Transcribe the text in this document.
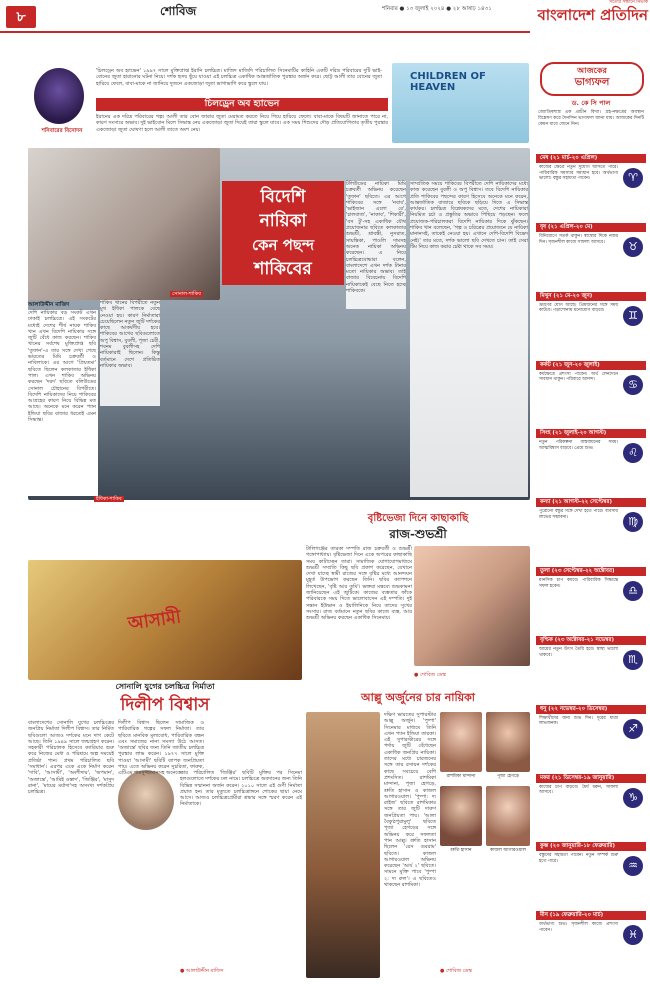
৮	শোবিজ	শনিবার ● ১৩ জুলাই ২০২৪ ● ২৮ আষাঢ় ১৪৩১
সত্যের সন্ধানে নির্ভীক
বাংলাদেশ প্রতিদিন
শনিবারের বিনোদন
'চিলড্রেন অব হ্যাভেন' ১৯৯৭ সালে মুক্তিপ্রাপ্ত ইরানি চলচ্চিত্র। মাজিদ মাজিদি পরিচালিত সিনেমাটির কাহিনি একটি দরিদ্র পরিবারের দুটি ভাই-বোনের জুতা হারানোর ঘটনা নিয়ে। দর্শক হৃদয় ছুঁয়ে যাওয়া এই চলচ্চিত্র একাধিক আন্তর্জাতিক পুরস্কার অর্জন করে। ছোট্ট আলী তার বোনের জুতা হারিয়ে ফেলে, বাবা-মাকে না জানিয়ে দুজনে একজোড়া জুতা ভাগাভাগি করে স্কুলে যায়।
চিলড্রেন অব হ্যাভেন
ইরানের এক দরিদ্র পরিবারের গল্প। আলী তার বোন জারার জুতা মেরামত করতে নিয়ে গিয়ে হারিয়ে ফেলে। বাবা-মাকে বিষয়টি জানাতে পারে না, কারণ সংসারে অভাব। দুই ভাইবোন মিলে সিদ্ধান্ত নেয় একজোড়া জুতা দিয়েই তারা স্কুলে যাবে। এক সময় শিশুদের দৌড় প্রতিযোগিতার তৃতীয় পুরস্কার একজোড়া জুতা ঘোষণা হলে আলী তাতে অংশ নেয়।
CHILDREN OF HEAVEN
সোনাল-শাকিব
ইধিকা-শাকিব
বিদেশি
নায়িকা
কেন পছন্দ
শাকিবের
আলাউদ্দীন মাজিদ
দেশি নায়িকার বড় সংকট এখন ঢাকাই চলচ্চিত্রে। এই সংকটের মধ্যেই দেশের শীর্ষ নায়ক শাকিব খান এখন বিদেশি নায়িকার সঙ্গে জুটি বেঁধে কাজ করছেন। শাকিব খানের সর্বশেষ মুক্তিপ্রাপ্ত ছবি 'তুফান'-এ তার সঙ্গে দেখা গেছে ভারতের মিমি চক্রবর্তী ও নাবিলাকে। এর আগে 'প্রিয়তমা' ছবিতে ছিলেন কলকাতার ইধিকা পাল। এখন শাকিব অভিনয় করছেন 'দরদ' ছবিতে বলিউডের সোনাল চৌহানের বিপরীতে। বিদেশি নায়িকাদের নিয়ে শাকিবের আগ্রহের কারণ নিয়ে বিভিন্ন মত আছে। অনেকে মনে করেন প্যান ইন্ডিয়া ছবির বাজার ধরতেই এমন সিদ্ধান্ত।
শাকিব খানের বিপরীতে নতুন মুখ ইধিকা পালকে বেছে নেওয়া হয়। কারণ নির্মাতারা চেয়েছিলেন নতুন জুটি দর্শকের কাছে আকর্ষণীয় হবে। শাকিবের আগের ছবিগুলোতে অপু বিশ্বাস, বুবলী, পূজা চেরী, শবনম বুবলীসহ দেশি নায়িকারাই ছিলেন। কিন্তু বর্তমানে দেশে প্রতিষ্ঠিত নায়িকার অভাব।
টলিউডের নায়িকা মিমি চক্রবর্তী অভিনয় করেছেন 'তুফান' ছবিতে। এর আগে শাকিবের সঙ্গে 'নবাব', 'ভাইজান এলো রে', 'চালবাজ', 'নাকাব', 'শিকারী', 'বস টু'-সহ একাধিক যৌথ প্রযোজনার ছবিতে কলকাতার শুভশ্রী, শ্রাবন্তী, নুসরাত, সায়ন্তিকা, পাওলি দামসহ অনেক নায়িকা অভিনয় করেছেন। এ নিয়ে চলচ্চিত্রবোদ্ধারা বলেন, বাংলাদেশে এখন দর্শক টানার মতো নায়িকার অভাব। তাই বাজার বিবেচনায় বিদেশি নায়িকাকেই বেছে নিতে হচ্ছে শাকিবকে।
সাম্প্রতিক সময়ে শাকিবের বিপরীতে দেশি নায়িকাদের মধ্যে কাজ করেছেন বুবলী ও অপু বিশ্বাস। তবে বিদেশি নায়িকার প্রতি শাকিবের পছন্দের কারণ হিসেবে অনেকে মনে করেন, আন্তর্জাতিক বাজারে ছবিকে ছড়িয়ে দিতে এ সিদ্ধান্ত কার্যকর। চলচ্চিত্র বিশ্লেষকদের মতে, দেশের নায়িকারা নিয়মিত চর্চা ও প্রস্তুতির অভাবে পিছিয়ে পড়ছেন। ফলে প্রযোজক-পরিচালকরা বিদেশি নায়িকার দিকে ঝুঁকছেন। শাকিব খান বলেছেন, 'গল্প ও চরিত্রের প্রয়োজনে যে নায়িকা মানানসই, তাকেই নেওয়া হয়। এখানে দেশি-বিদেশি বিভেদ নেই।' তার মতে, দর্শক ভালো ছবি দেখতে চান। তাই সেরা টিম নিয়ে কাজ করার চেষ্টা থাকে সব সময়।
বৃষ্টিভেজা দিনে কাছাকাছি
রাজ-শুভশ্রী
টালিগঞ্জের তারকা দম্পতি রাজ চক্রবর্তী ও শুভশ্রী গঙ্গোপাধ্যায়। বৃষ্টিভেজা দিনে একে অপরের কাছাকাছি সময় কাটাচ্ছেন তারা। সামাজিক যোগাযোগমাধ্যমে শুভশ্রী সম্প্রতি কিছু ছবি প্রকাশ করেছেন, যেখানে দেখা যাচ্ছে স্বামী রাজের সঙ্গে বৃষ্টির মধ্যে আনন্দঘন মুহূর্ত উপভোগ করছেন তিনি। ছবির ক্যাপশনে লিখেছেন, 'বৃষ্টি আর তুমি'। ভক্তরা মন্তব্যে শুভকামনা জানিয়েছেন এই জুটিকে। কাজের ব্যস্ততার ফাঁকে পরিবারকে সময় দিতে ভালোবাসেন এই দম্পতি। দুই সন্তান ইউভান ও ইয়ালিনিকে নিয়ে তাদের সুখের সংসার। রাজ বর্তমানে নতুন ছবির কাজে ব্যস্ত, আর শুভশ্রী অভিনয় করছেন একাধিক সিনেমায়।
● শোবিজ ডেস্ক
আসামী
সোনালি যুগের চলচ্চিত্র নির্মাতা
দিলীপ বিশ্বাস
বাংলাদেশের সোনালি যুগের চলচ্চিত্রের জনপ্রিয় নির্মাতা দিলীপ বিশ্বাস। তার নির্মিত ছবিগুলো আজও দর্শকের মনে দাগ কেটে আছে। তিনি ১৯৪৯ সালে জন্মগ্রহণ করেন। সহকারী পরিচালক হিসেবে ক্যারিয়ার শুরু করে নিজের মেধা ও পরিশ্রমে অল্প সময়েই প্রতিষ্ঠা পান। প্রথম পরিচালিত ছবি 'সমাধান'। এরপর একে একে নির্মাণ করেন 'দাবি', 'আসামী', 'অংশীদার', 'অপমান', 'অজান্তে', 'আমিই ওস্তাদ', 'জিঞ্জির', 'মাসুদ রানা', 'মায়ের মর্যাদা'সহ অসংখ্য দর্শকপ্রিয় চলচ্চিত্র।
দিলীপ বিশ্বাস ছিলেন সামাজিক ও পারিবারিক গল্পের সফল নির্মাতা। তার ছবিতে মানবিক মূল্যবোধ, পারিবারিক বন্ধন এবং সমাজের নানা সমস্যা উঠে আসত। 'অজান্তে' ছবির জন্য তিনি জাতীয় চলচ্চিত্র পুরস্কার লাভ করেন। ১৯৭৭ সালে মুক্তি পাওয়া 'আসামী' ছবিটি ব্যাপক জনপ্রিয়তা পায়। এতে অভিনয় করেন সুচরিতা, ফারুক, এটিএম শামসুজ্জামানসহ অনেকে।
তার পরিচালিত 'জিঞ্জির' ছবিটি মুক্তির পর সিনেমা হলগুলোতে দর্শকের ঢল নামে। চলচ্চিত্রে অবদানের জন্য তিনি বিভিন্ন সম্মাননা অর্জন করেন। ২০১০ সালে এই গুণী নির্মাতা প্রয়াত হন। তার মৃত্যুতে চলচ্চিত্রাঙ্গনে শোকের ছায়া নেমে আসে। আজও চলচ্চিত্রপ্রেমীরা শ্রদ্ধার সঙ্গে স্মরণ করেন এই নির্মাতাকে।
● আলাউদ্দীন মাজিদ
আল্লু অর্জুনের চার নায়িকা
দক্ষিণ ভারতের সুপারস্টার আল্লু অর্জুন। 'পুষ্পা' সিনেমার মাধ্যমে তিনি এখন প্যান ইন্ডিয়া তারকা। এই সুপারস্টারের সঙ্গে পর্দায় জুটি বেঁধেছেন একাধিক জনপ্রিয় নায়িকা। তাদের মধ্যে চারজনের সঙ্গে তার রসায়ন দর্শকের কাছে সবচেয়ে বেশি প্রশংসিত। রাশমিকা মান্দানা, পূজা হেগড়ে, শ্রুতি হাসান ও কাজল আগারওয়াল। 'পুষ্পা: দ্য রাইজ' ছবিতে রাশমিকার সঙ্গে তার জুটি দারুণ জনপ্রিয়তা পায়। 'আলা বৈকুণ্ঠপুরামুলু' ছবিতে পূজা হেগড়ের সঙ্গে অভিনয় করে সফলতা পান আল্লু। শ্রুতি হাসান ছিলেন 'রেস গুররাম' ছবিতে। কাজল আগারওয়াল অভিনয় করেছেন 'আর্য ২' ছবিতে। সামনে মুক্তি পাবে 'পুষ্পা ২: দ্য রুল'। এ ছবিতেও থাকছেন রাশমিকা।
রাশমিকা মান্দানা	পূজা হেগড়ে
শ্রুতি হাসান	কাজল আগারওয়াল
● শোবিজ ডেস্ক
আজকের
ভাগ্যফল
ড. কে সি পাল
জ্যোতিষশাস্ত্র এক প্রাচীন বিদ্যা। গ্রহ-নক্ষত্রের অবস্থান বিশ্লেষণ করে দৈনন্দিন ভাগ্যফল জানা যায়। আজকের দিনটি কেমন যাবে জেনে নিন।
মেষ (২১ মার্চ-২০ এপ্রিল)
কাজের ক্ষেত্রে নতুন সুযোগ আসতে পারে। পারিবারিক সমস্যার সমাধান হবে। অর্থভাগ্য ভালো। বন্ধুর সহায়তা পাবেন।	♈
বৃষ (২১ এপ্রিল-২০ মে)
বিনিয়োগে সতর্ক থাকুন। স্বাস্থ্যের দিকে নজর দিন। সৃজনশীল কাজে সাফল্য আসবে।	♉
মিথুন (২১ মে-২০ জুন)
ভ্রমণের যোগ আছে। প্রিয়জনের সঙ্গে সময় কাটবে। পড়াশোনায় মনোযোগ বাড়বে।	♊
কর্কট (২১ জুন-২০ জুলাই)
কর্মক্ষেত্রে প্রশংসা পাবেন। অর্থ লেনদেনে সাবধান থাকুন। পরিবারে আনন্দ।	♋
সিংহ (২১ জুলাই-২০ আগস্ট)
নতুন পরিকল্পনা বাস্তবায়নের সময়। আত্মবিশ্বাস বাড়বে। প্রেমে শুভ।	♌
কন্যা (২১ আগস্ট-২২ সেপ্টেম্বর)
পুরোনো বন্ধুর সঙ্গে দেখা হতে পারে। ব্যবসায় লাভের সম্ভাবনা।	♍
তুলা (২৩ সেপ্টেম্বর-২২ অক্টোবর)
মানসিক চাপ কমবে। পারিবারিক সিদ্ধান্তে সফল হবেন।	♎
বৃশ্চিক (২৩ অক্টোবর-২১ নভেম্বর)
আয়ের নতুন উৎস তৈরি হবে। স্বাস্থ্য ভালো থাকবে।	♏
ধনু (২২ নভেম্বর-২০ ডিসেম্বর)
শিক্ষার্থীদের জন্য শুভ দিন। দূরের যাত্রা লাভজনক।	♐
মকর (২১ ডিসেম্বর-১৯ জানুয়ারি)
কাজের চাপ বাড়বে। ধৈর্য ধরুন, সাফল্য আসবে।	♑
কুম্ভ (২০ জানুয়ারি-১৮ ফেব্রুয়ারি)
বন্ধুদের সহায়তা পাবেন। নতুন সম্পর্ক শুরু হতে পারে।	♒
মীন (১৯ ফেব্রুয়ারি-২০ মার্চ)
অর্থভাগ্য শুভ। সৃজনশীল কাজে প্রশংসা পাবেন।	♓
